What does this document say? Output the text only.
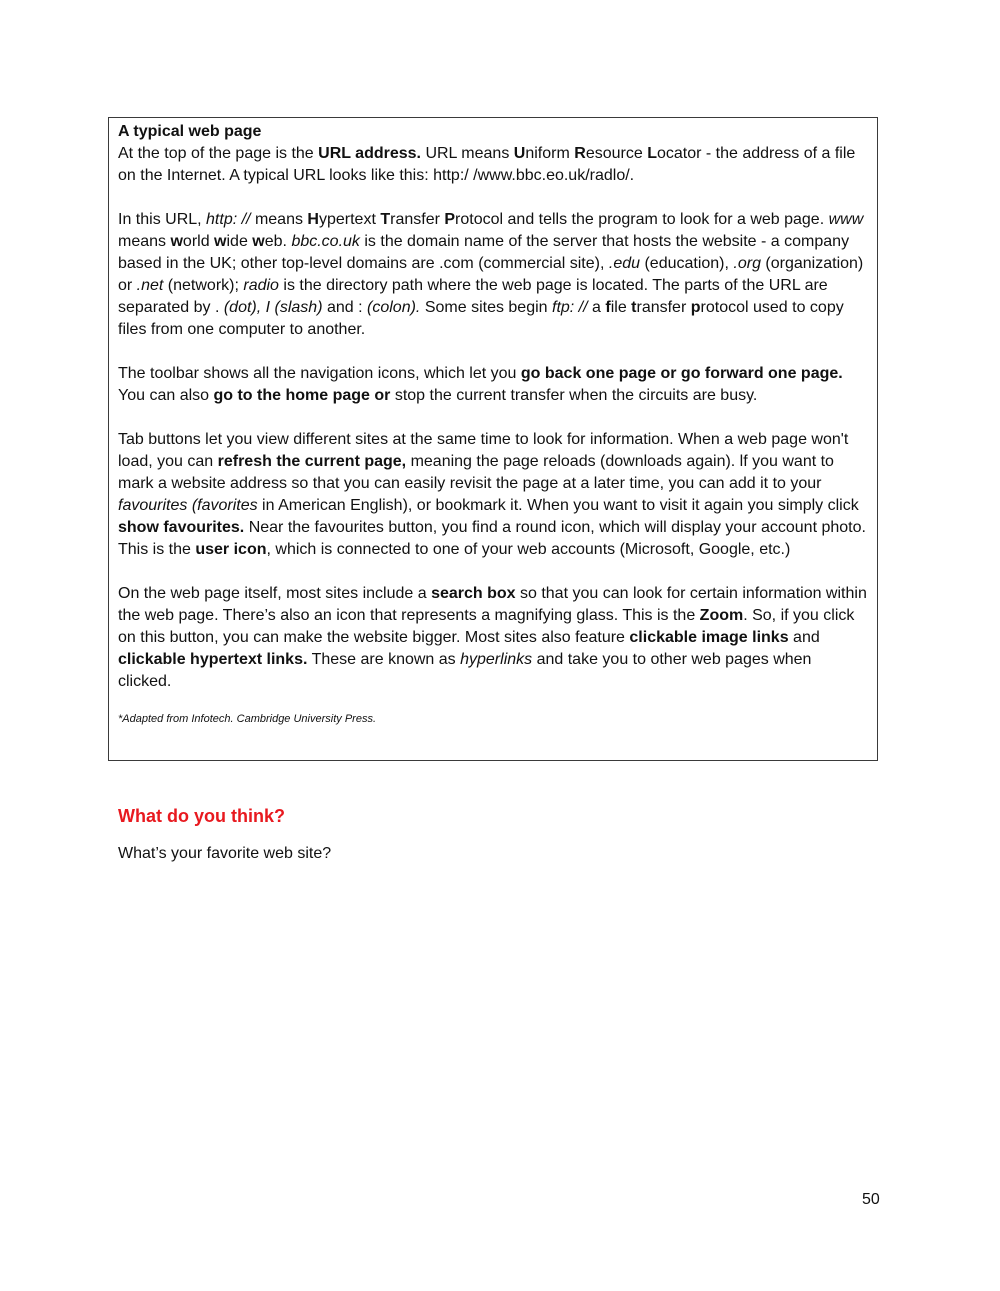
A typical web page

At the top of the page is the URL address. URL means Uniform Resource Locator - the address of a file on the Internet. A typical URL looks like this: http:/ /www.bbc.eo.uk/radlo/.

In this URL, http: // means Hypertext Transfer Protocol and tells the program to look for a web page. www means world wide web. bbc.co.uk is the domain name of the server that hosts the website - a company based in the UK; other top-level domains are .com (commercial site), .edu (education), .org (organization) or .net (network); radio is the directory path where the web page is located. The parts of the URL are separated by . (dot), I (slash) and : (colon). Some sites begin ftp: // a file transfer protocol used to copy files from one computer to another.

The toolbar shows all the navigation icons, which let you go back one page or go forward one page. You can also go to the home page or stop the current transfer when the circuits are busy.

Tab buttons let you view different sites at the same time to look for information. When a web page won't load, you can refresh the current page, meaning the page reloads (downloads again). lf you want to mark a website address so that you can easily revisit the page at a later time, you can add it to your favourites (favorites in American English), or bookmark it. When you want to visit it again you simply click show favourites. Near the favourites button, you find a round icon, which will display your account photo. This is the user icon, which is connected to one of your web accounts (Microsoft, Google, etc.)

On the web page itself, most sites include a search box so that you can look for certain information within the web page. There’s also an icon that represents a magnifying glass. This is the Zoom. So, if you click on this button, you can make the website bigger. Most sites also feature clickable image links and clickable hypertext links. These are known as hyperlinks and take you to other web pages when clicked.

*Adapted from Infotech. Cambridge University Press.

What do you think?

What’s your favorite web site?

50
